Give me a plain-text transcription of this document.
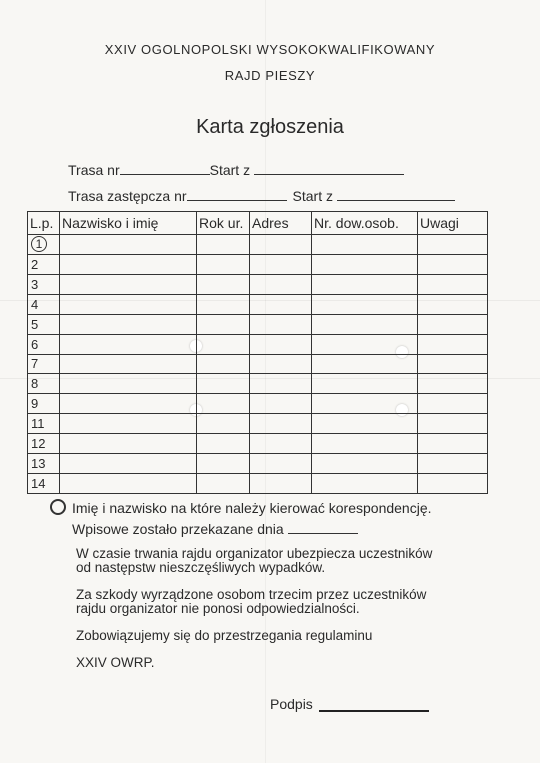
XXIV OGOLNOPOLSKI WYSOKOKWALIFIKOWANY
RAJD PIESZY
Karta zgłoszenia
Trasa nr	Start z
Trasa zastępcza nr	Start z
L.p.	Nazwisko i imię	Rok ur.	Adres	Nr. dow.osob.	Uwagi
1					
2					
3					
4					
5					
6					
7					
8					
9					
11					
12					
13					
14					
Imię i nazwisko na które należy kierować korespondencję.
Wpisowe zostało przekazane dnia
W czasie trwania rajdu organizator ubezpiecza uczestników
od następstw nieszczęśliwych wypadków.
Za szkody wyrządzone osobom trzecim przez uczestników
rajdu organizator nie ponosi odpowiedzialności.
Zobowiązujemy się do przestrzegania regulaminu
XXIV OWRP.
Podpis
